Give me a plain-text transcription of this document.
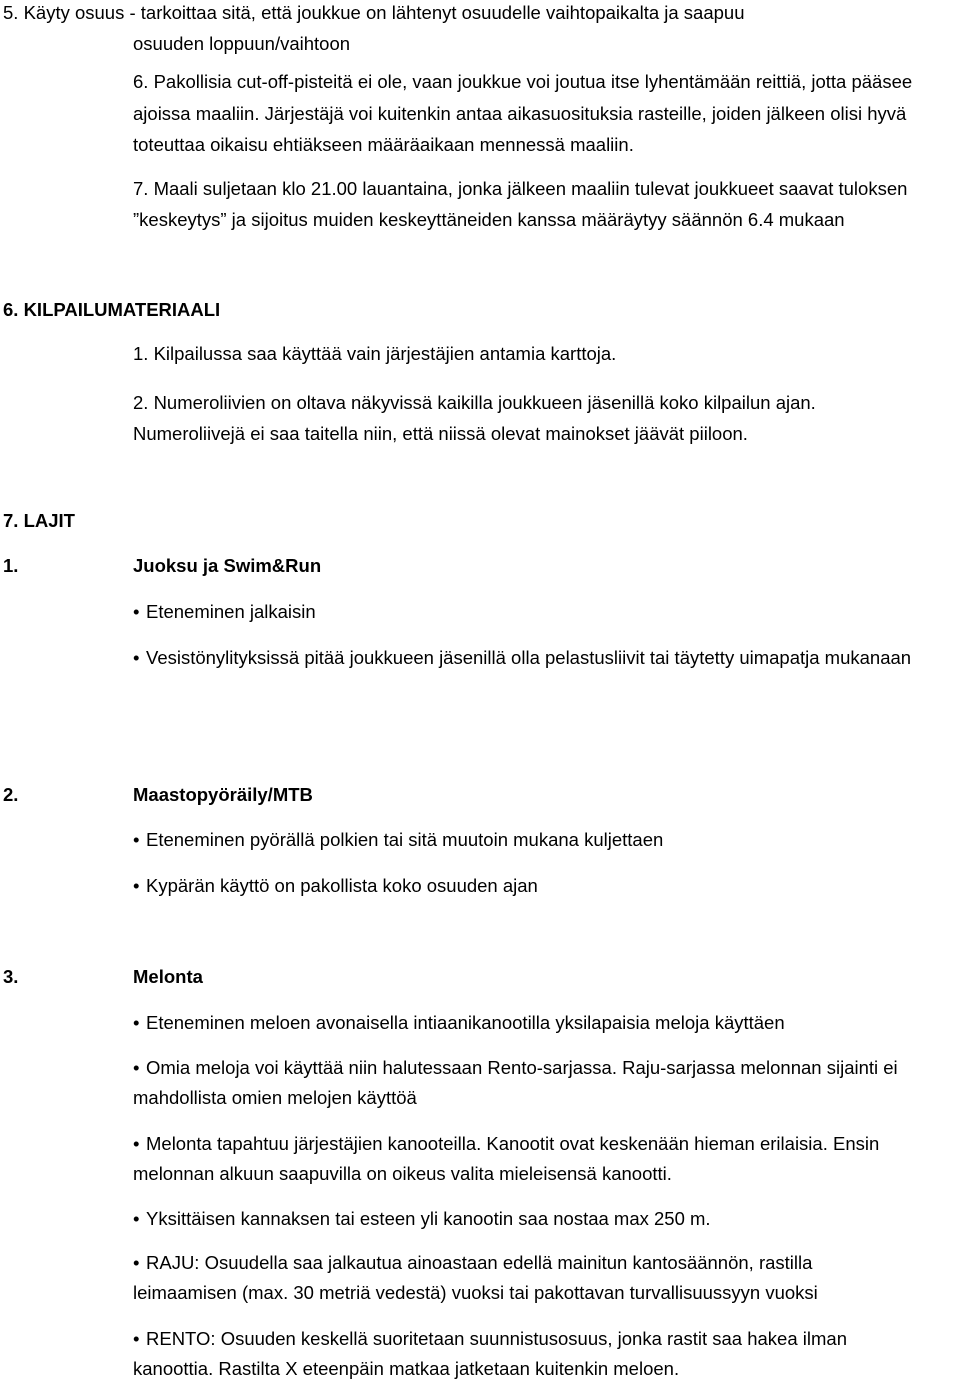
5. Käyty osuus - tarkoittaa sitä, että joukkue on lähtenyt osuudelle vaihtopaikalta ja saapuu
osuuden loppuun/vaihtoon
6. Pakollisia cut-off-pisteitä ei ole, vaan joukkue voi joutua itse lyhentämään reittiä, jotta pääsee
ajoissa maaliin. Järjestäjä voi kuitenkin antaa aikasuosituksia rasteille, joiden jälkeen olisi hyvä
toteuttaa oikaisu ehtiäkseen määräaikaan mennessä maaliin.
7. Maali suljetaan klo 21.00 lauantaina, jonka jälkeen maaliin tulevat joukkueet saavat tuloksen
”keskeytys” ja sijoitus muiden keskeyttäneiden kanssa määräytyy säännön 6.4 mukaan
6. KILPAILUMATERIAALI
1. Kilpailussa saa käyttää vain järjestäjien antamia karttoja.
2. Numeroliivien on oltava näkyvissä kaikilla joukkueen jäsenillä koko kilpailun ajan.
Numeroliivejä ei saa taitella niin, että niissä olevat mainokset jäävät piiloon.
7. LAJIT
1.	Juoksu ja Swim&Run
• Eteneminen jalkaisin
• Vesistönylityksissä pitää joukkueen jäsenillä olla pelastusliivit tai täytetty uimapatja mukanaan
2.	Maastopyöräily/MTB
• Eteneminen pyörällä polkien tai sitä muutoin mukana kuljettaen
• Kypärän käyttö on pakollista koko osuuden ajan
3.	Melonta
• Eteneminen meloen avonaisella intiaanikanootilla yksilapaisia meloja käyttäen
• Omia meloja voi käyttää niin halutessaan Rento-sarjassa. Raju-sarjassa melonnan sijainti ei
mahdollista omien melojen käyttöä
• Melonta tapahtuu järjestäjien kanooteilla. Kanootit ovat keskenään hieman erilaisia. Ensin
melonnan alkuun saapuvilla on oikeus valita mieleisensä kanootti.
• Yksittäisen kannaksen tai esteen yli kanootin saa nostaa max 250 m.
• RAJU: Osuudella saa jalkautua ainoastaan edellä mainitun kantosäännön, rastilla
leimaamisen (max. 30 metriä vedestä) vuoksi tai pakottavan turvallisuussyyn vuoksi
• RENTO: Osuuden keskellä suoritetaan suunnistusosuus, jonka rastit saa hakea ilman
kanoottia. Rastilta X eteenpäin matkaa jatketaan kuitenkin meloen.
